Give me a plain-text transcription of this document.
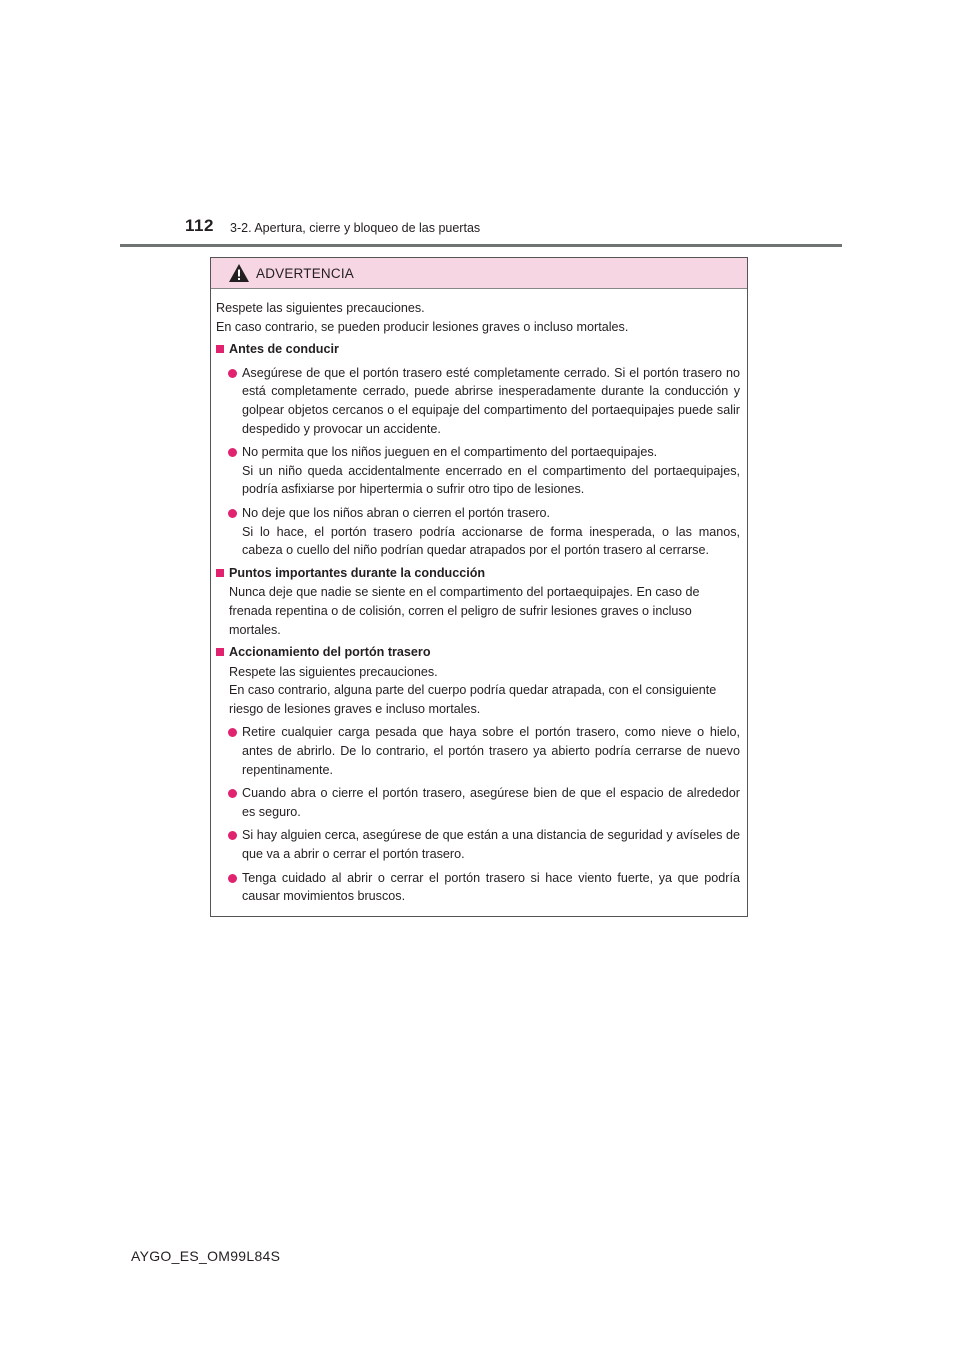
112 3-2. Apertura, cierre y bloqueo de las puertas
ADVERTENCIA
Respete las siguientes precauciones.
En caso contrario, se pueden producir lesiones graves o incluso mortales.
Antes de conducir
Asegúrese de que el portón trasero esté completamente cerrado. Si el portón trasero no está completamente cerrado, puede abrirse inesperadamente durante la conducción y golpear objetos cercanos o el equipaje del compartimento del portaequipajes puede salir despedido y provocar un accidente.
No permita que los niños jueguen en el compartimento del portaequipajes.
Si un niño queda accidentalmente encerrado en el compartimento del portaequipajes, podría asfixiarse por hipertermia o sufrir otro tipo de lesiones.
No deje que los niños abran o cierren el portón trasero.
Si lo hace, el portón trasero podría accionarse de forma inesperada, o las manos, cabeza o cuello del niño podrían quedar atrapados por el portón trasero al cerrarse.
Puntos importantes durante la conducción
Nunca deje que nadie se siente en el compartimento del portaequipajes. En caso de frenada repentina o de colisión, corren el peligro de sufrir lesiones graves o incluso mortales.
Accionamiento del portón trasero
Respete las siguientes precauciones.
En caso contrario, alguna parte del cuerpo podría quedar atrapada, con el consiguiente riesgo de lesiones graves e incluso mortales.
Retire cualquier carga pesada que haya sobre el portón trasero, como nieve o hielo, antes de abrirlo. De lo contrario, el portón trasero ya abierto podría cerrarse de nuevo repentinamente.
Cuando abra o cierre el portón trasero, asegúrese bien de que el espacio de alrededor es seguro.
Si hay alguien cerca, asegúrese de que están a una distancia de seguridad y avíseles de que va a abrir o cerrar el portón trasero.
Tenga cuidado al abrir o cerrar el portón trasero si hace viento fuerte, ya que podría causar movimientos bruscos.
AYGO_ES_OM99L84S
